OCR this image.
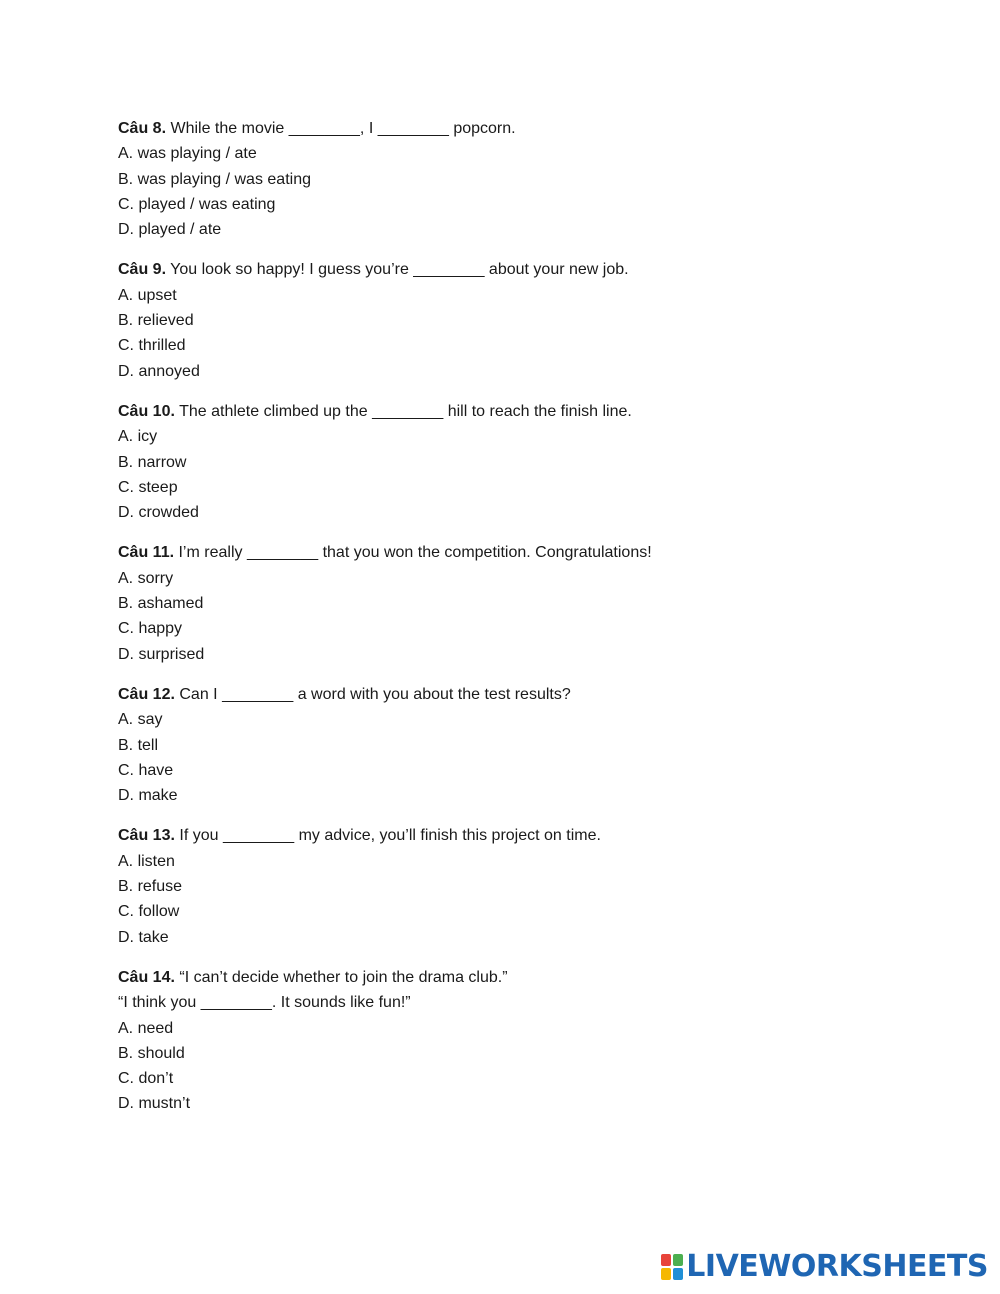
Câu 8. While the movie ________, I ________ popcorn.
A. was playing / ate
B. was playing / was eating
C. played / was eating
D. played / ate
Câu 9. You look so happy! I guess you’re ________ about your new job.
A. upset
B. relieved
C. thrilled
D. annoyed
Câu 10. The athlete climbed up the ________ hill to reach the finish line.
A. icy
B. narrow
C. steep
D. crowded
Câu 11. I’m really ________ that you won the competition. Congratulations!
A. sorry
B. ashamed
C. happy
D. surprised
Câu 12. Can I ________ a word with you about the test results?
A. say
B. tell
C. have
D. make
Câu 13. If you ________ my advice, you’ll finish this project on time.
A. listen
B. refuse
C. follow
D. take
Câu 14. “I can’t decide whether to join the drama club.”
“I think you ________. It sounds like fun!”
A. need
B. should
C. don’t
D. mustn’t
LIVEWORKSHEETS
